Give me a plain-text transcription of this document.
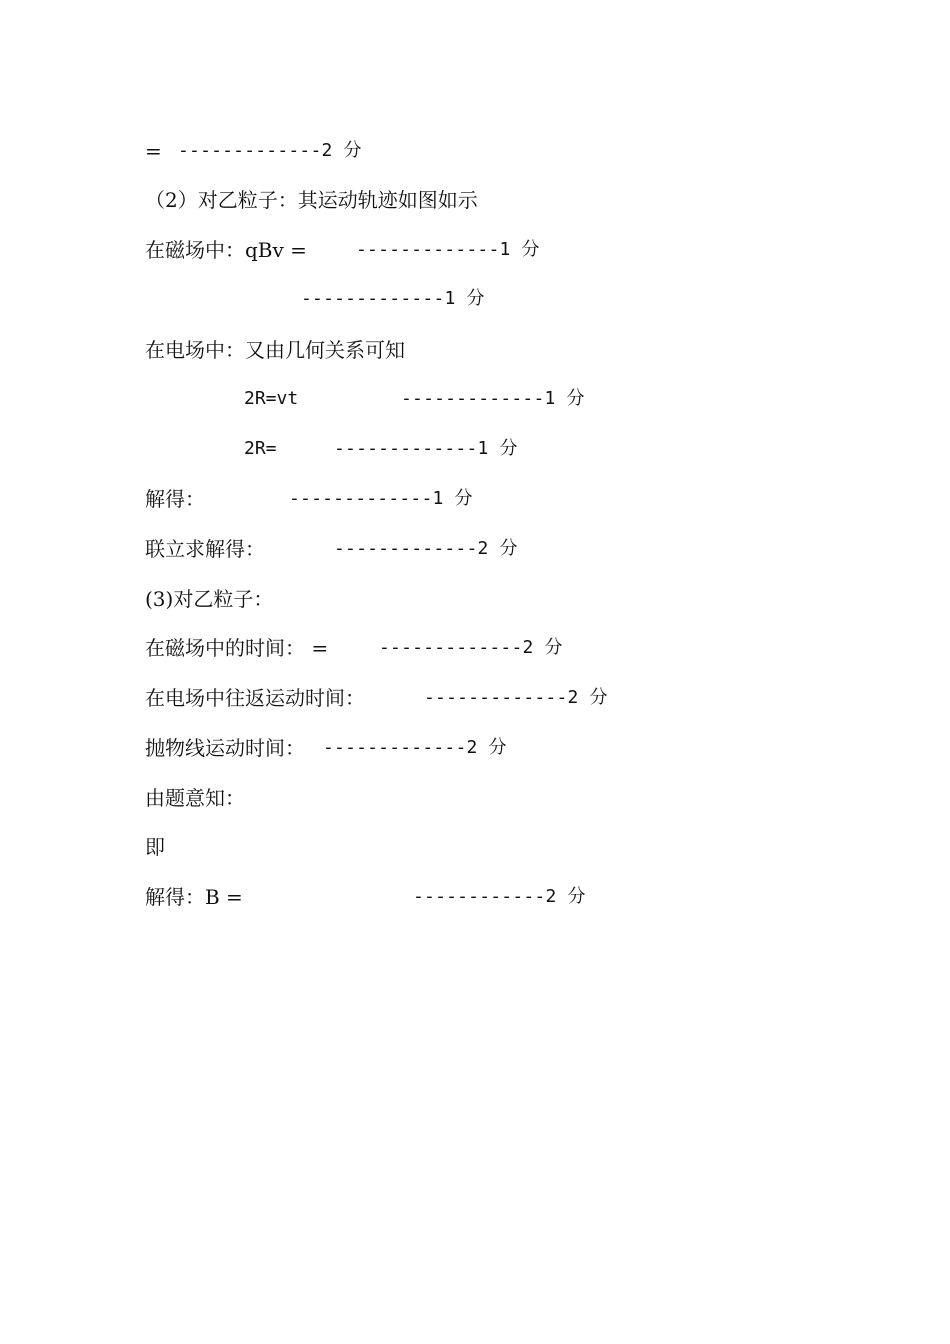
=

-------------2 分

（2）对乙粒子：其运动轨迹如图如示

在磁场中：qBv =

	-------------1 分

-------------1 分

在电场中：又由几何关系可知

2R=vt

	-------------1 分

2R=

	-------------1 分

解得：

	-------------1 分

联立求解得：

	-------------2 分

(3)对乙粒子：

在磁场中的时间： =

	-------------2 分

在电场中往返运动时间：

	-------------2 分

抛物线运动时间：

-------------2 分

由题意知：
即

解得：B =

	------------2 分
